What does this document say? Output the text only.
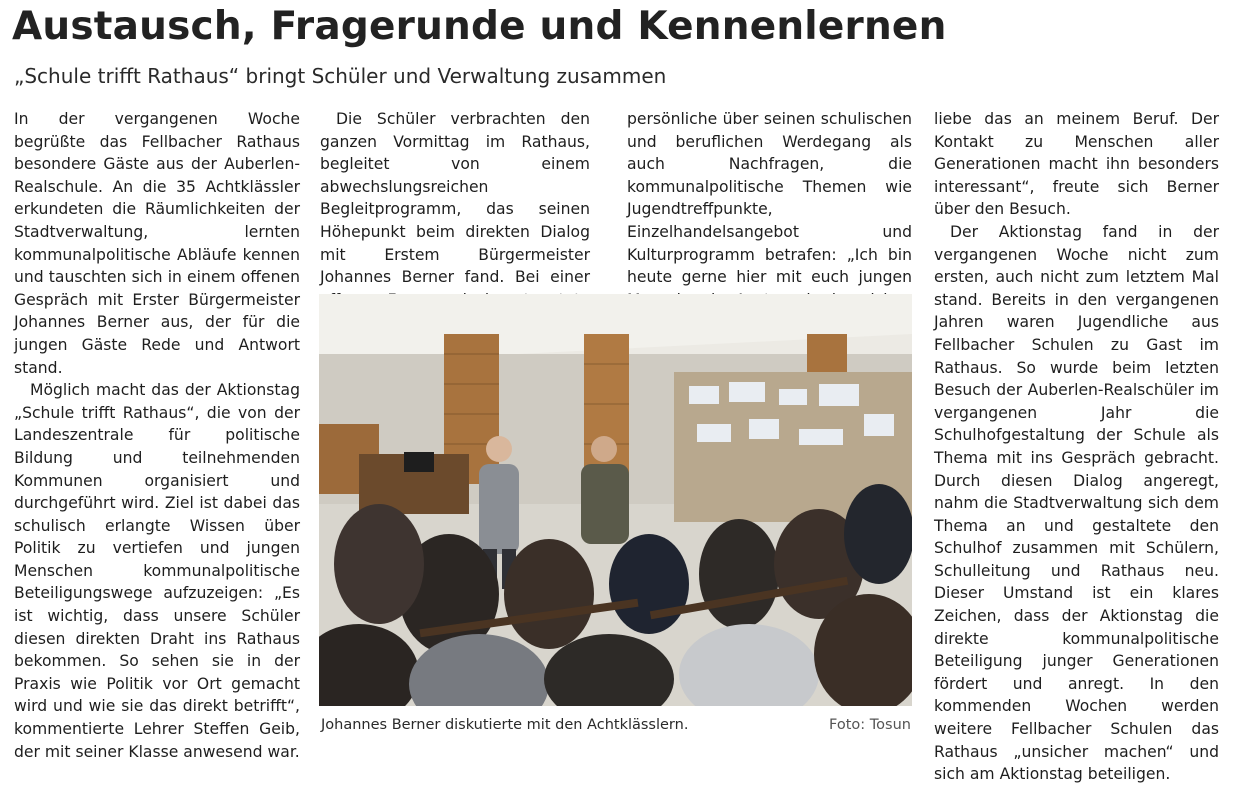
Austausch, Fragerunde und Kennenlernen
„Schule trifft Rathaus“ bringt Schüler und Verwaltung zusammen

In der vergangenen Woche begrüßte das Fellbacher Rathaus besondere Gäste aus der Auberlen-Realschule. An die 35 Achtklässler erkundeten die Räumlichkeiten der Stadtverwaltung, lernten kommunalpolitische Abläufe kennen und tauschten sich in einem offenen Gespräch mit Erster Bürgermeister Johannes Berner aus, der für die jungen Gäste Rede und Antwort stand.

Möglich macht das der Aktionstag „Schule trifft Rathaus“, die von der Landeszentrale für politische Bildung und teilnehmenden Kommunen organisiert und durchgeführt wird. Ziel ist dabei das schulisch erlangte Wissen über Politik zu vertiefen und jungen Menschen kommunalpolitische Beteiligungswege aufzuzeigen: „Es ist wichtig, dass unsere Schüler diesen direkten Draht ins Rathaus bekommen. So sehen sie in der Praxis wie Politik vor Ort gemacht wird und wie sie das direkt betrifft“, kommentierte Lehrer Steffen Geib, der mit seiner Klasse anwesend war.

Die Schüler verbrachten den ganzen Vormittag im Rathaus, begleitet von einem abwechslungsreichen Begleitprogramm, das seinen Höhepunkt beim direkten Dialog mit Erstem Bürgermeister Johannes Berner fand. Bei einer

persönliche über seinen schulischen und beruflichen Werdegang als auch Nachfragen, die kommunalpolitische Themen wie Jugendtreffpunkte, Einzelhandelsangebot und Kulturprogramm betrafen: „Ich bin heute gerne hier mit euch jungen

liebe das an meinem Beruf. Der Kontakt zu Menschen aller Generationen macht ihn besonders interessant“, freute sich Berner über den Besuch.

Der Aktionstag fand in der vergangenen Woche nicht zum ersten, auch nicht zum letztem Mal stand. Bereits in den vergangenen Jahren waren Jugendliche aus Fellbacher Schulen zu Gast im Rathaus. So wurde beim letzten Besuch der Auberlen-Realschüler im vergangenen Jahr die Schulhofgestaltung der Schule als Thema mit ins Gespräch gebracht. Durch diesen Dialog angeregt, nahm die Stadtverwaltung sich dem Thema an und gestaltete den Schulhof zusammen mit Schülern, Schulleitung und Rathaus neu. Dieser Umstand ist ein klares Zeichen, dass der Aktionstag die direkte kommunalpolitische Beteiligung junger Generationen fördert und anregt. In den kommenden Wochen werden weitere Fellbacher Schulen das Rathaus „unsicher machen“ und sich am Aktionstag beteiligen.

Johannes Berner diskutierte mit den Achtklässlern.	Foto: Tosun
